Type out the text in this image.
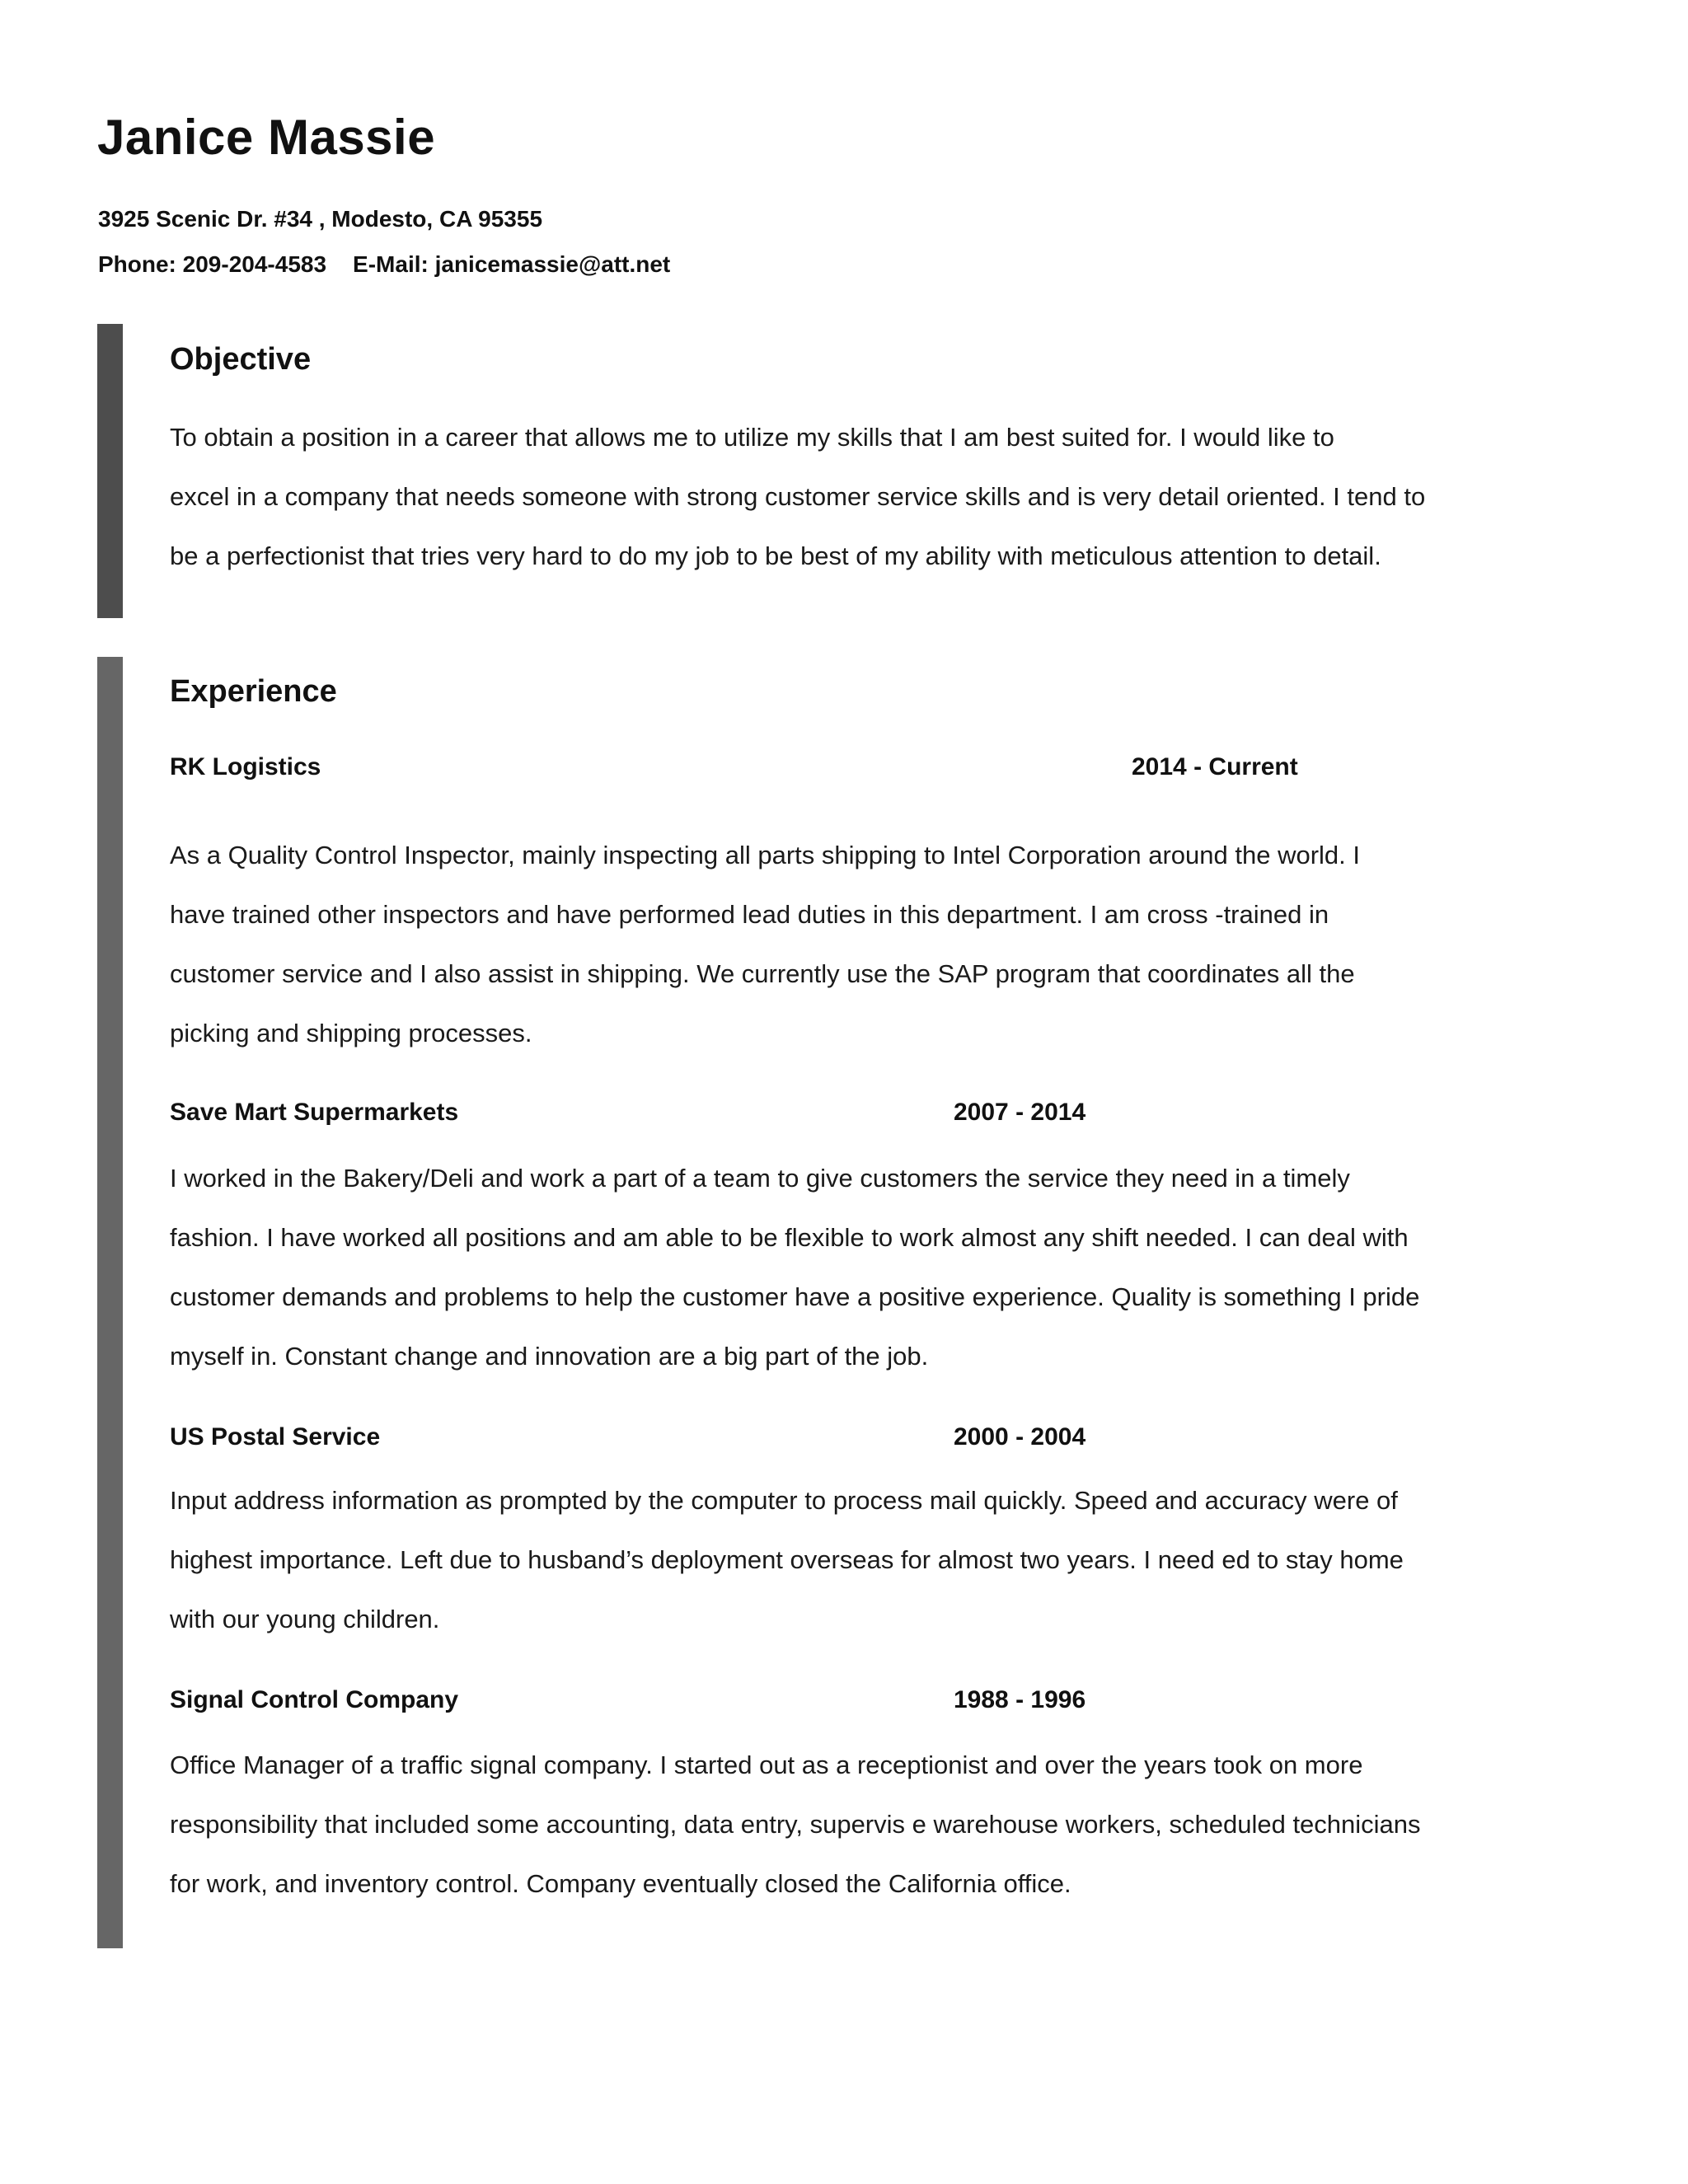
Janice Massie

3925 Scenic Dr. #34 , Modesto, CA 95355

Phone: 209-204-4583 E-Mail: janicemassie@att.net

Objective

To obtain a position in a career that allows me to utilize my skills that I am best suited for. I would like to
excel in a company that needs someone with strong customer service skills and is very detail oriented. I tend to
be a perfectionist that tries very hard to do my job to be best of my ability with meticulous attention to detail.

Experience

RK Logistics	2014 - Current

As a Quality Control Inspector, mainly inspecting all parts shipping to Intel Corporation around the world. I
have trained other inspectors and have performed lead duties in this department. I am cross -trained in
customer service and I also assist in shipping. We currently use the SAP program that coordinates all the
picking and shipping processes.

Save Mart Supermarkets	2007 - 2014

I worked in the Bakery/Deli and work a part of a team to give customers the service they need in a timely
fashion. I have worked all positions and am able to be flexible to work almost any shift needed. I can deal with
customer demands and problems to help the customer have a positive experience. Quality is something I pride
myself in. Constant change and innovation are a big part of the job.

US Postal Service	2000 - 2004

Input address information as prompted by the computer to process mail quickly. Speed and accuracy were of
highest importance. Left due to husband’s deployment overseas for almost two years. I need ed to stay home
with our young children.

Signal Control Company	1988 - 1996

Office Manager of a traffic signal company. I started out as a receptionist and over the years took on more
responsibility that included some accounting, data entry, supervis e warehouse workers, scheduled technicians
for work, and inventory control. Company eventually closed the California office.
